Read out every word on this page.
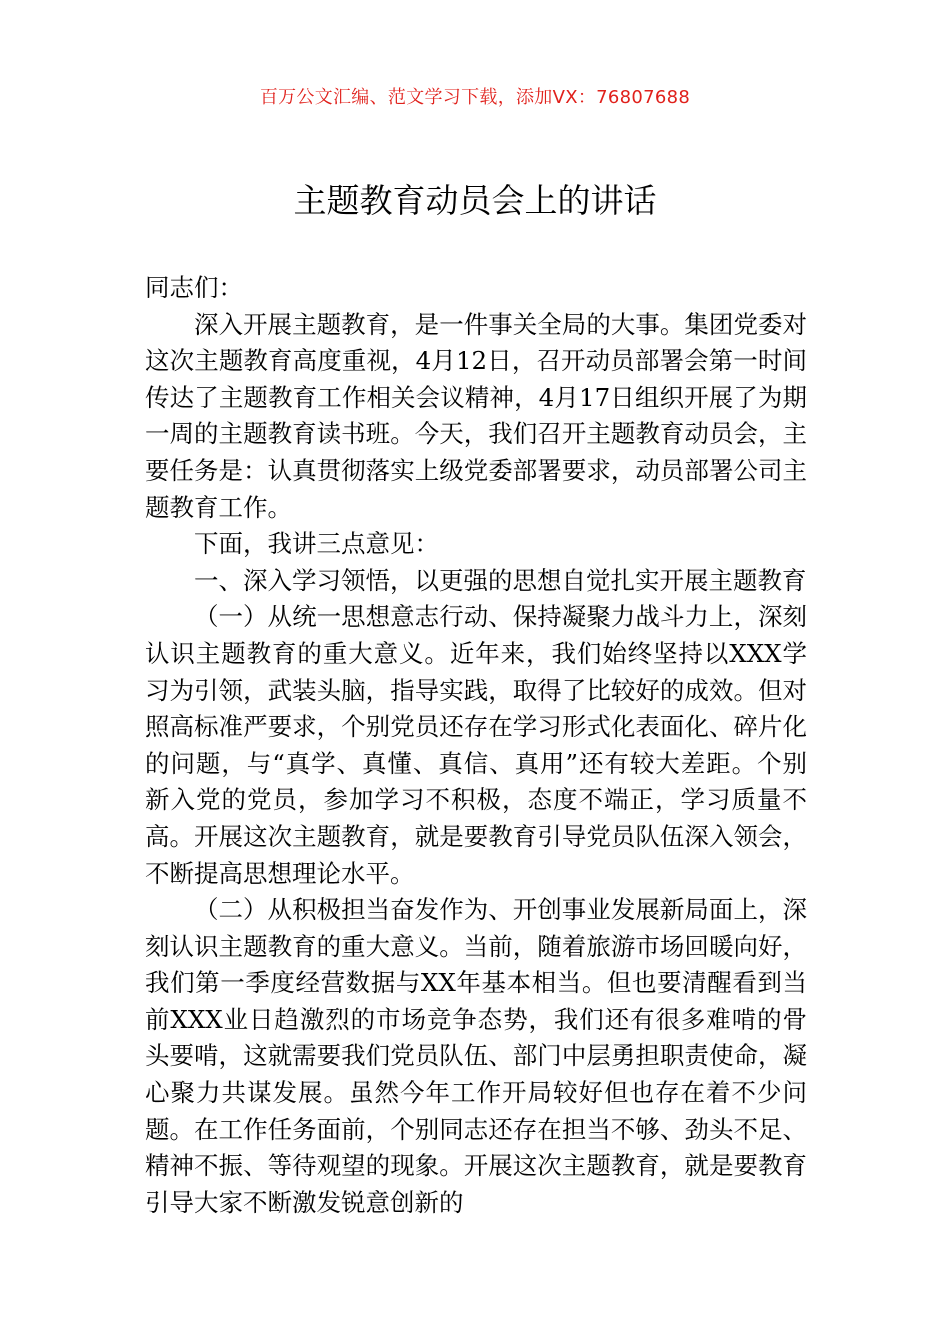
百万公文汇编、范文学习下载，添加VX：76807688
主题教育动员会上的讲话

同志们：

深入开展主题教育，是一件事关全局的大事。集团党委对这次主题教育高度重视，4月12日，召开动员部署会第一时间传达了主题教育工作相关会议精神，4月17日组织开展了为期一周的主题教育读书班。今天，我们召开主题教育动员会，主要任务是：认真贯彻落实上级党委部署要求，动员部署公司主题教育工作。

下面，我讲三点意见：

一、深入学习领悟，以更强的思想自觉扎实开展主题教育

（一）从统一思想意志行动、保持凝聚力战斗力上，深刻认识主题教育的重大意义。近年来，我们始终坚持以XXX学习为引领，武装头脑，指导实践，取得了比较好的成效。但对照高标准严要求，个别党员还存在学习形式化表面化、碎片化的问题，与“真学、真懂、真信、真用”还有较大差距。个别新入党的党员，参加学习不积极，态度不端正，学习质量不高。开展这次主题教育，就是要教育引导党员队伍深入领会，不断提高思想理论水平。

（二）从积极担当奋发作为、开创事业发展新局面上，深刻认识主题教育的重大意义。当前，随着旅游市场回暖向好，我们第一季度经营数据与XX年基本相当。但也要清醒看到当前XXX业日趋激烈的市场竞争态势，我们还有很多难啃的骨头要啃，这就需要我们党员队伍、部门中层勇担职责使命，凝心聚力共谋发展。虽然今年工作开局较好但也存在着不少问题。在工作任务面前，个别同志还存在担当不够、劲头不足、精神不振、等待观望的现象。开展这次主题教育，就是要教育引导大家不断激发锐意创新的
